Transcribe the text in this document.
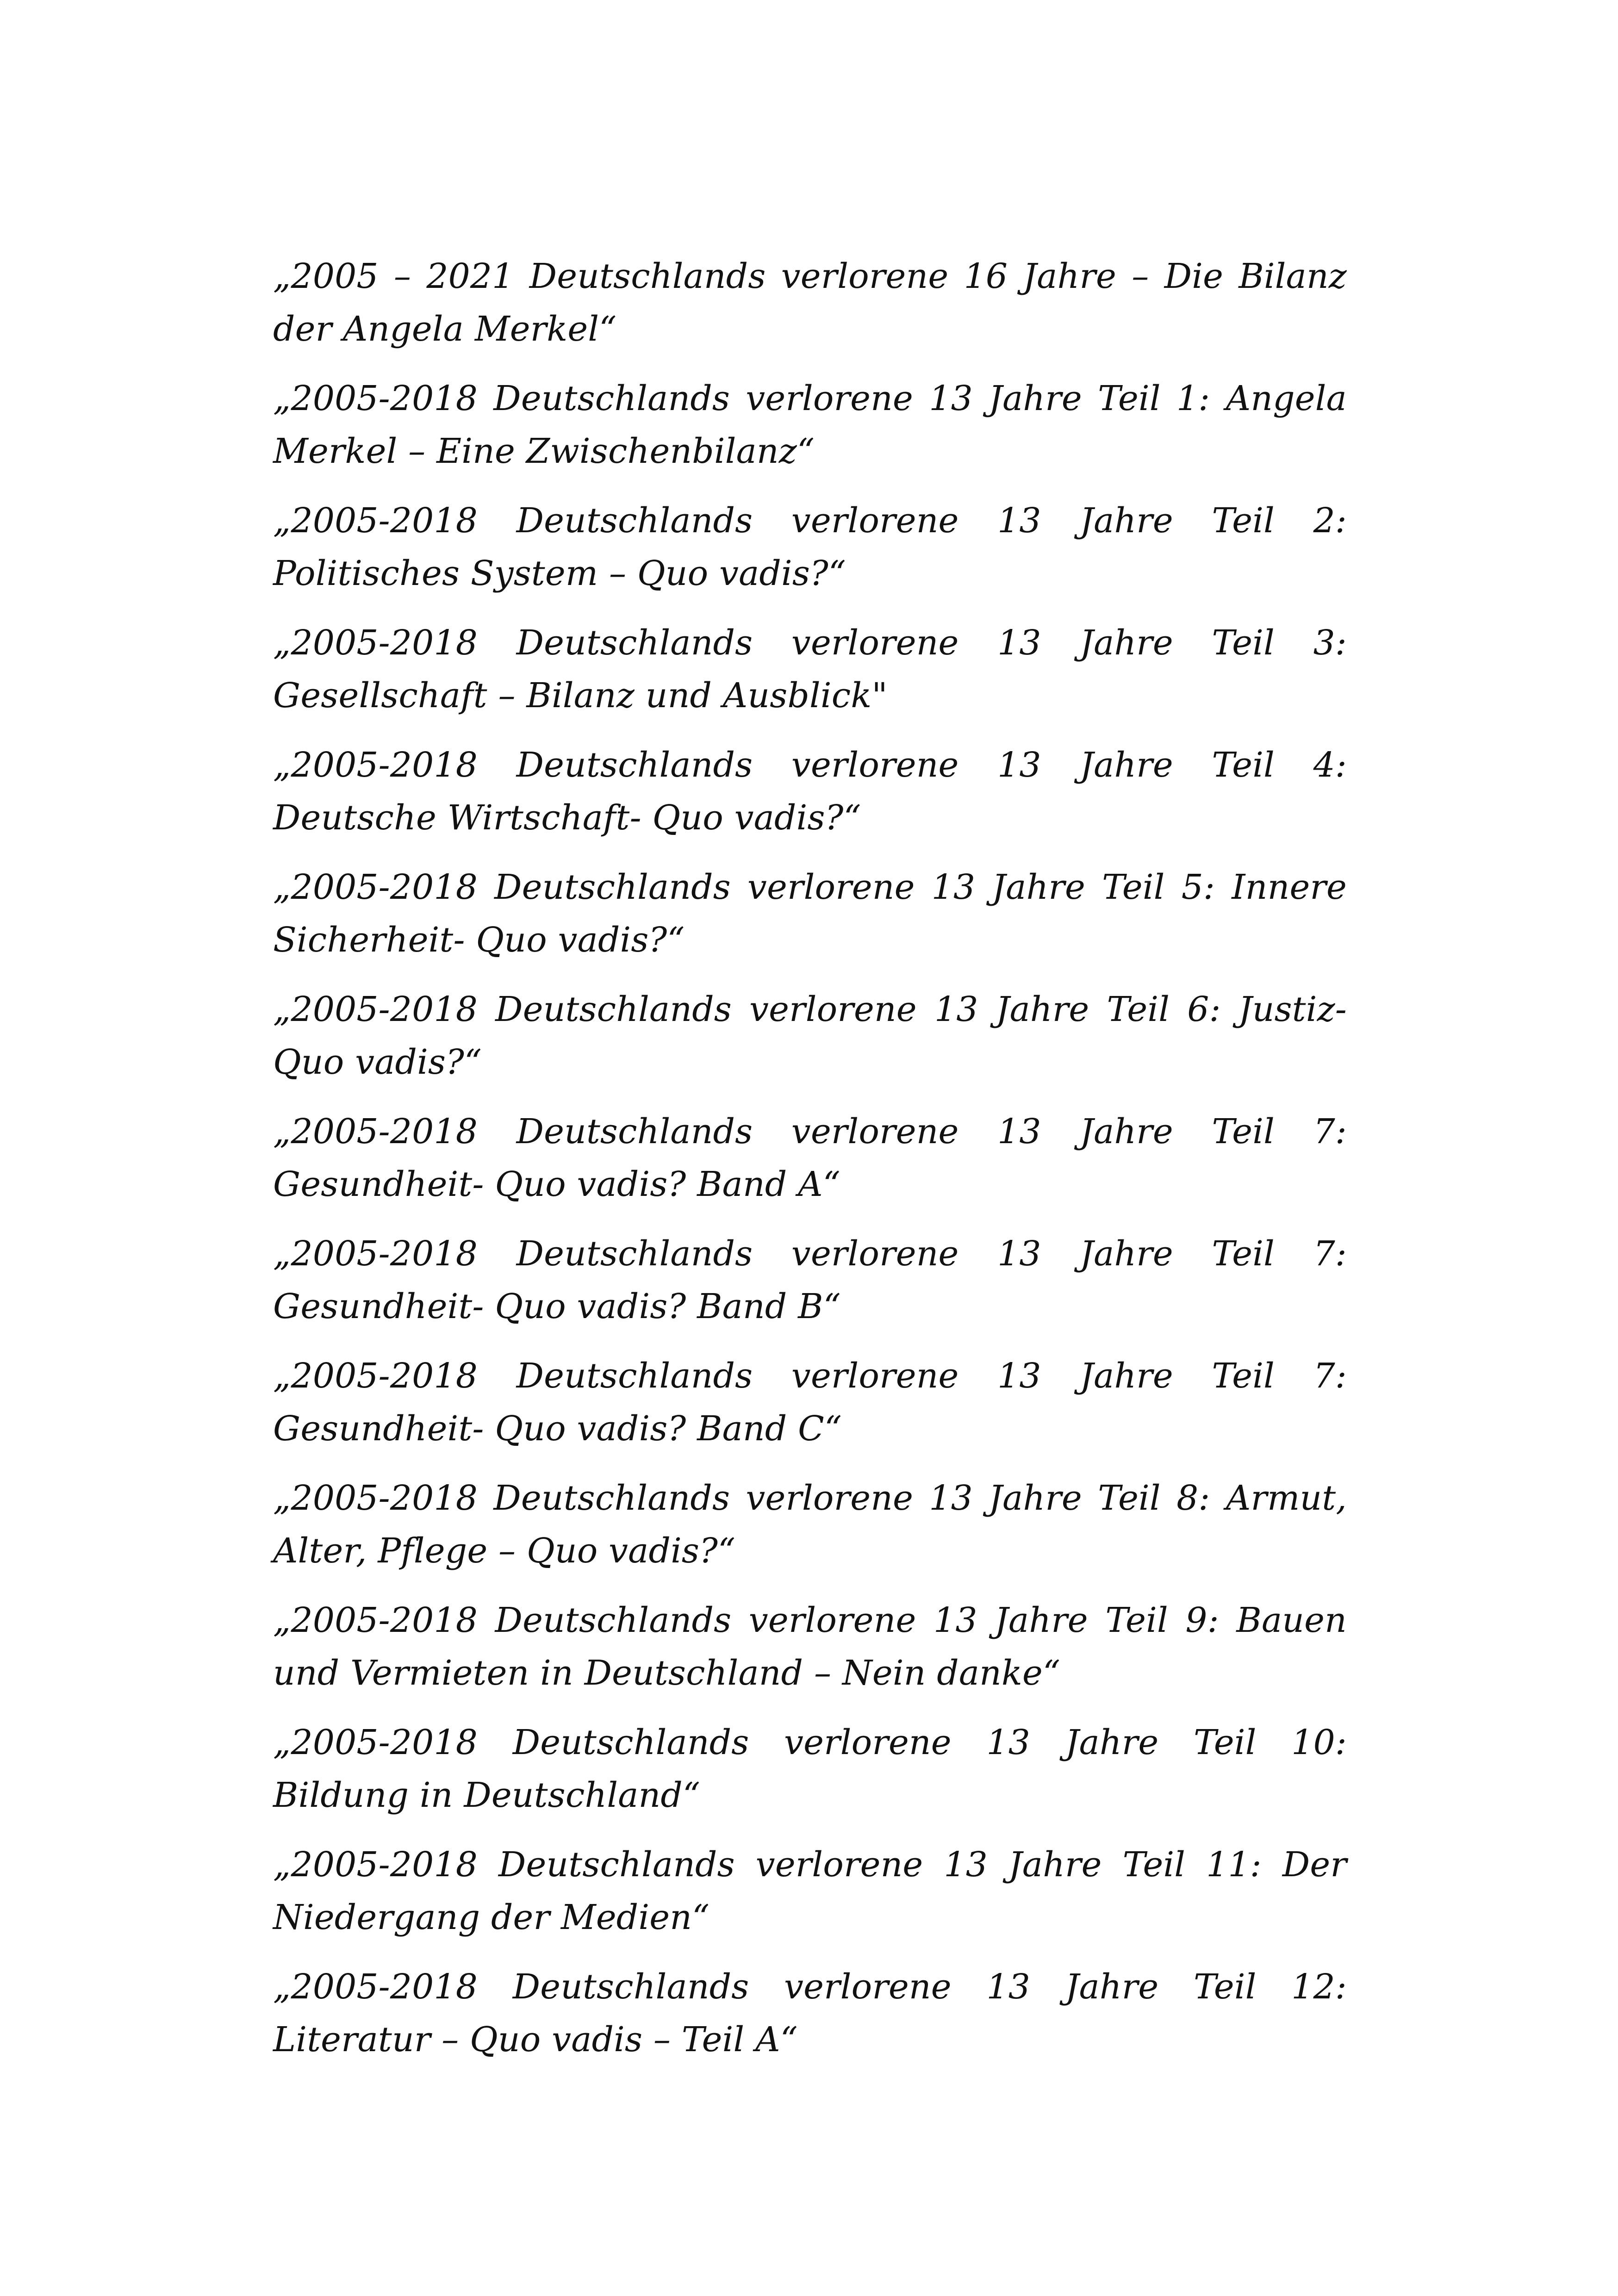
„2005 – 2021 Deutschlands verlorene 16 Jahre – Die Bilanz der Angela Merkel“

„2005-2018 Deutschlands verlorene 13 Jahre Teil 1: Angela Merkel – Eine Zwischenbilanz“

„2005-2018 Deutschlands verlorene 13 Jahre Teil 2: Politisches System – Quo vadis?“

„2005-2018 Deutschlands verlorene 13 Jahre Teil 3: Gesellschaft – Bilanz und Ausblick"

„2005-2018 Deutschlands verlorene 13 Jahre Teil 4: Deutsche Wirtschaft- Quo vadis?“

„2005-2018 Deutschlands verlorene 13 Jahre Teil 5: Innere Sicherheit- Quo vadis?“

„2005-2018 Deutschlands verlorene 13 Jahre Teil 6: Justiz- Quo vadis?“

„2005-2018 Deutschlands verlorene 13 Jahre Teil 7: Gesundheit- Quo vadis? Band A“

„2005-2018 Deutschlands verlorene 13 Jahre Teil 7: Gesundheit- Quo vadis? Band B“

„2005-2018 Deutschlands verlorene 13 Jahre Teil 7: Gesundheit- Quo vadis? Band C“

„2005-2018 Deutschlands verlorene 13 Jahre Teil 8: Armut, Alter, Pflege – Quo vadis?“

„2005-2018 Deutschlands verlorene 13 Jahre Teil 9: Bauen und Vermieten in Deutschland – Nein danke“

„2005-2018 Deutschlands verlorene 13 Jahre Teil 10: Bildung in Deutschland“

„2005-2018 Deutschlands verlorene 13 Jahre Teil 11: Der Niedergang der Medien“

„2005-2018 Deutschlands verlorene 13 Jahre Teil 12: Literatur – Quo vadis – Teil A“
